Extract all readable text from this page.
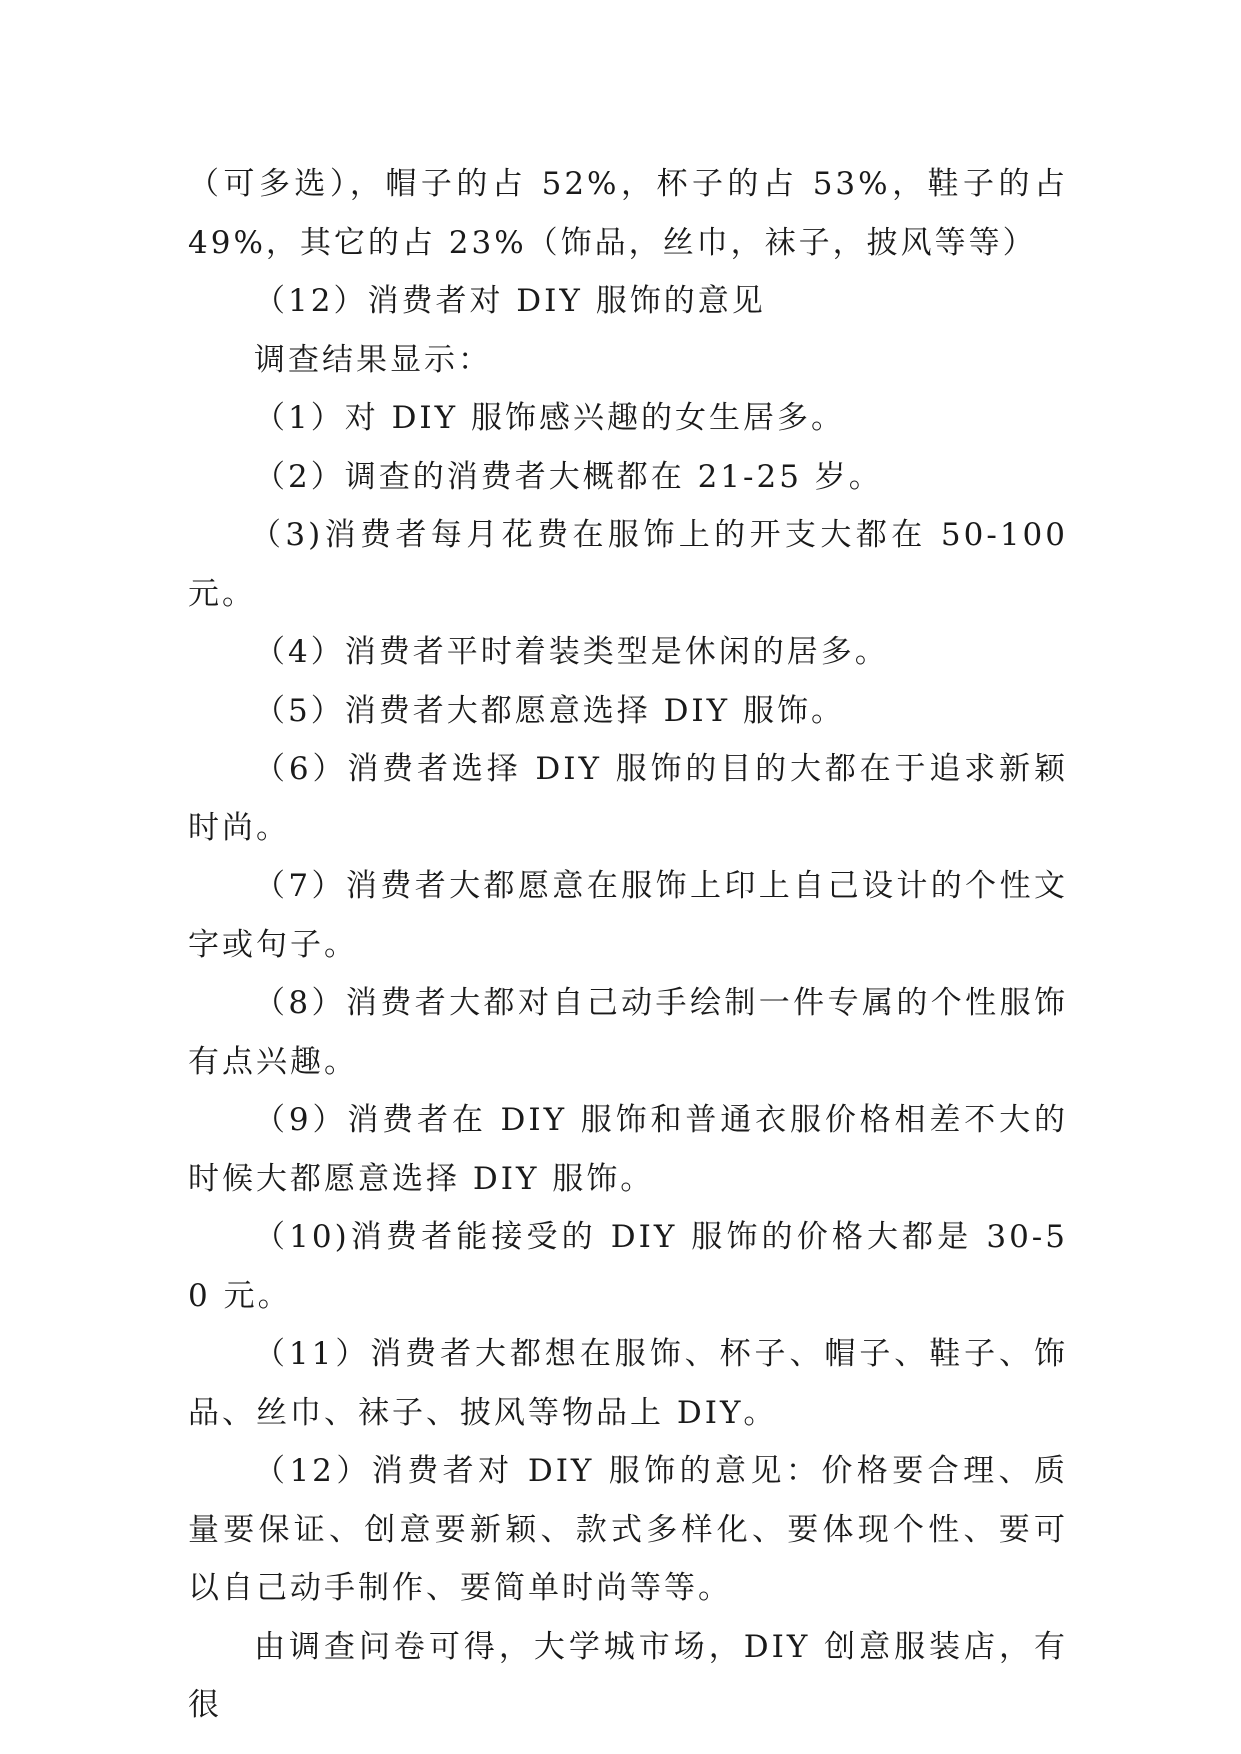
（可多选），帽子的占 52%，杯子的占 53%，鞋子的占 49%，其它的占 23%（饰品，丝巾，袜子，披风等等）

（12）消费者对 DIY 服饰的意见

调查结果显示：

（1）对 DIY 服饰感兴趣的女生居多。

（2）调查的消费者大概都在 21-25 岁。

（3)消费者每月花费在服饰上的开支大都在 50-100 元。

（4）消费者平时着装类型是休闲的居多。

（5）消费者大都愿意选择 DIY 服饰。

（6）消费者选择 DIY 服饰的目的大都在于追求新颖时尚。

（7）消费者大都愿意在服饰上印上自己设计的个性文字或句子。

（8）消费者大都对自己动手绘制一件专属的个性服饰有点兴趣。

（9）消费者在 DIY 服饰和普通衣服价格相差不大的时候大都愿意选择 DIY 服饰。

（10)消费者能接受的 DIY 服饰的价格大都是 30-50 元。

（11）消费者大都想在服饰、杯子、帽子、鞋子、饰品、丝巾、袜子、披风等物品上 DIY。

（12）消费者对 DIY 服饰的意见：价格要合理、质量要保证、创意要新颖、款式多样化、要体现个性、要可以自己动手制作、要简单时尚等等。

由调查问卷可得，大学城市场，DIY 创意服装店，有很
